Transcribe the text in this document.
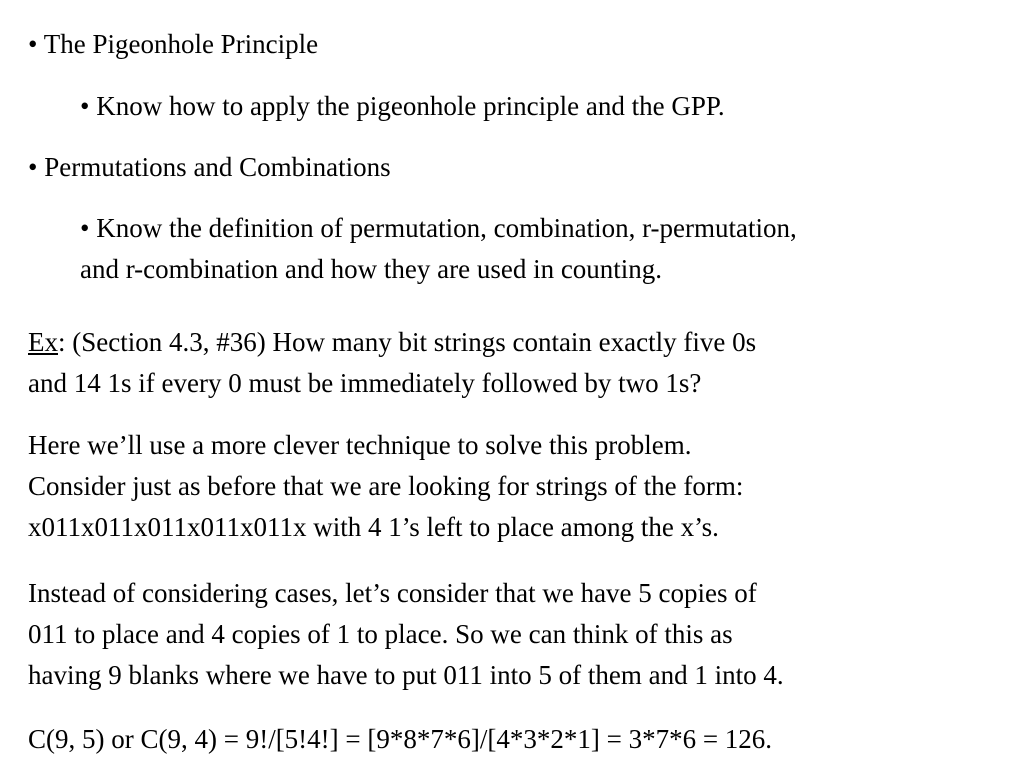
• The Pigeonhole Principle
• Know how to apply the pigeonhole principle and the GPP.
• Permutations and Combinations
• Know the definition of permutation, combination, r-permutation,
and r-combination and how they are used in counting.
Ex: (Section 4.3, #36) How many bit strings contain exactly five 0s
and 14 1s if every 0 must be immediately followed by two 1s?
Here we’ll use a more clever technique to solve this problem.
Consider just as before that we are looking for strings of the form:
x011x011x011x011x011x with 4 1’s left to place among the x’s.
Instead of considering cases, let’s consider that we have 5 copies of
011 to place and 4 copies of 1 to place. So we can think of this as
having 9 blanks where we have to put 011 into 5 of them and 1 into 4.
C(9, 5) or C(9, 4) = 9!/[5!4!] = [9*8*7*6]/[4*3*2*1] = 3*7*6 = 126.
